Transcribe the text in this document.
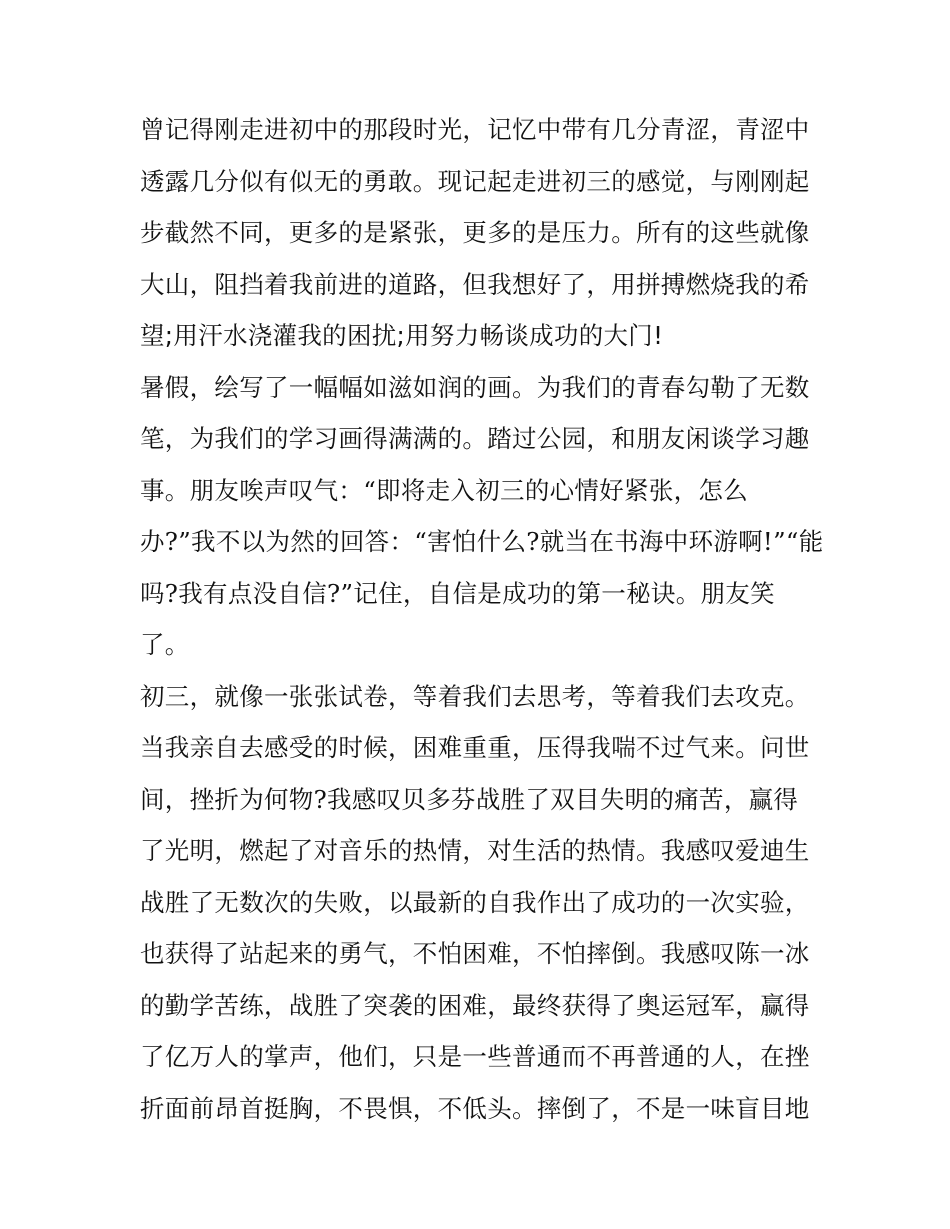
曾记得刚走进初中的那段时光，记忆中带有几分青涩，青涩中
透露几分似有似无的勇敢。现记起走进初三的感觉，与刚刚起
步截然不同，更多的是紧张，更多的是压力。所有的这些就像
大山，阻挡着我前进的道路，但我想好了，用拼搏燃烧我的希
望;用汗水浇灌我的困扰;用努力畅谈成功的大门!
暑假，绘写了一幅幅如滋如润的画。为我们的青春勾勒了无数
笔，为我们的学习画得满满的。踏过公园，和朋友闲谈学习趣
事。朋友唉声叹气：“即将走入初三的心情好紧张，怎么
办?”我不以为然的回答：“害怕什么?就当在书海中环游啊!”“能
吗?我有点没自信?”记住，自信是成功的第一秘诀。朋友笑
了。
初三，就像一张张试卷，等着我们去思考，等着我们去攻克。
当我亲自去感受的时候，困难重重，压得我喘不过气来。问世
间，挫折为何物?我感叹贝多芬战胜了双目失明的痛苦，赢得
了光明，燃起了对音乐的热情，对生活的热情。我感叹爱迪生
战胜了无数次的失败，以最新的自我作出了成功的一次实验，
也获得了站起来的勇气，不怕困难，不怕摔倒。我感叹陈一冰
的勤学苦练，战胜了突袭的困难，最终获得了奥运冠军，赢得
了亿万人的掌声，他们，只是一些普通而不再普通的人，在挫
折面前昂首挺胸，不畏惧，不低头。摔倒了，不是一味盲目地
